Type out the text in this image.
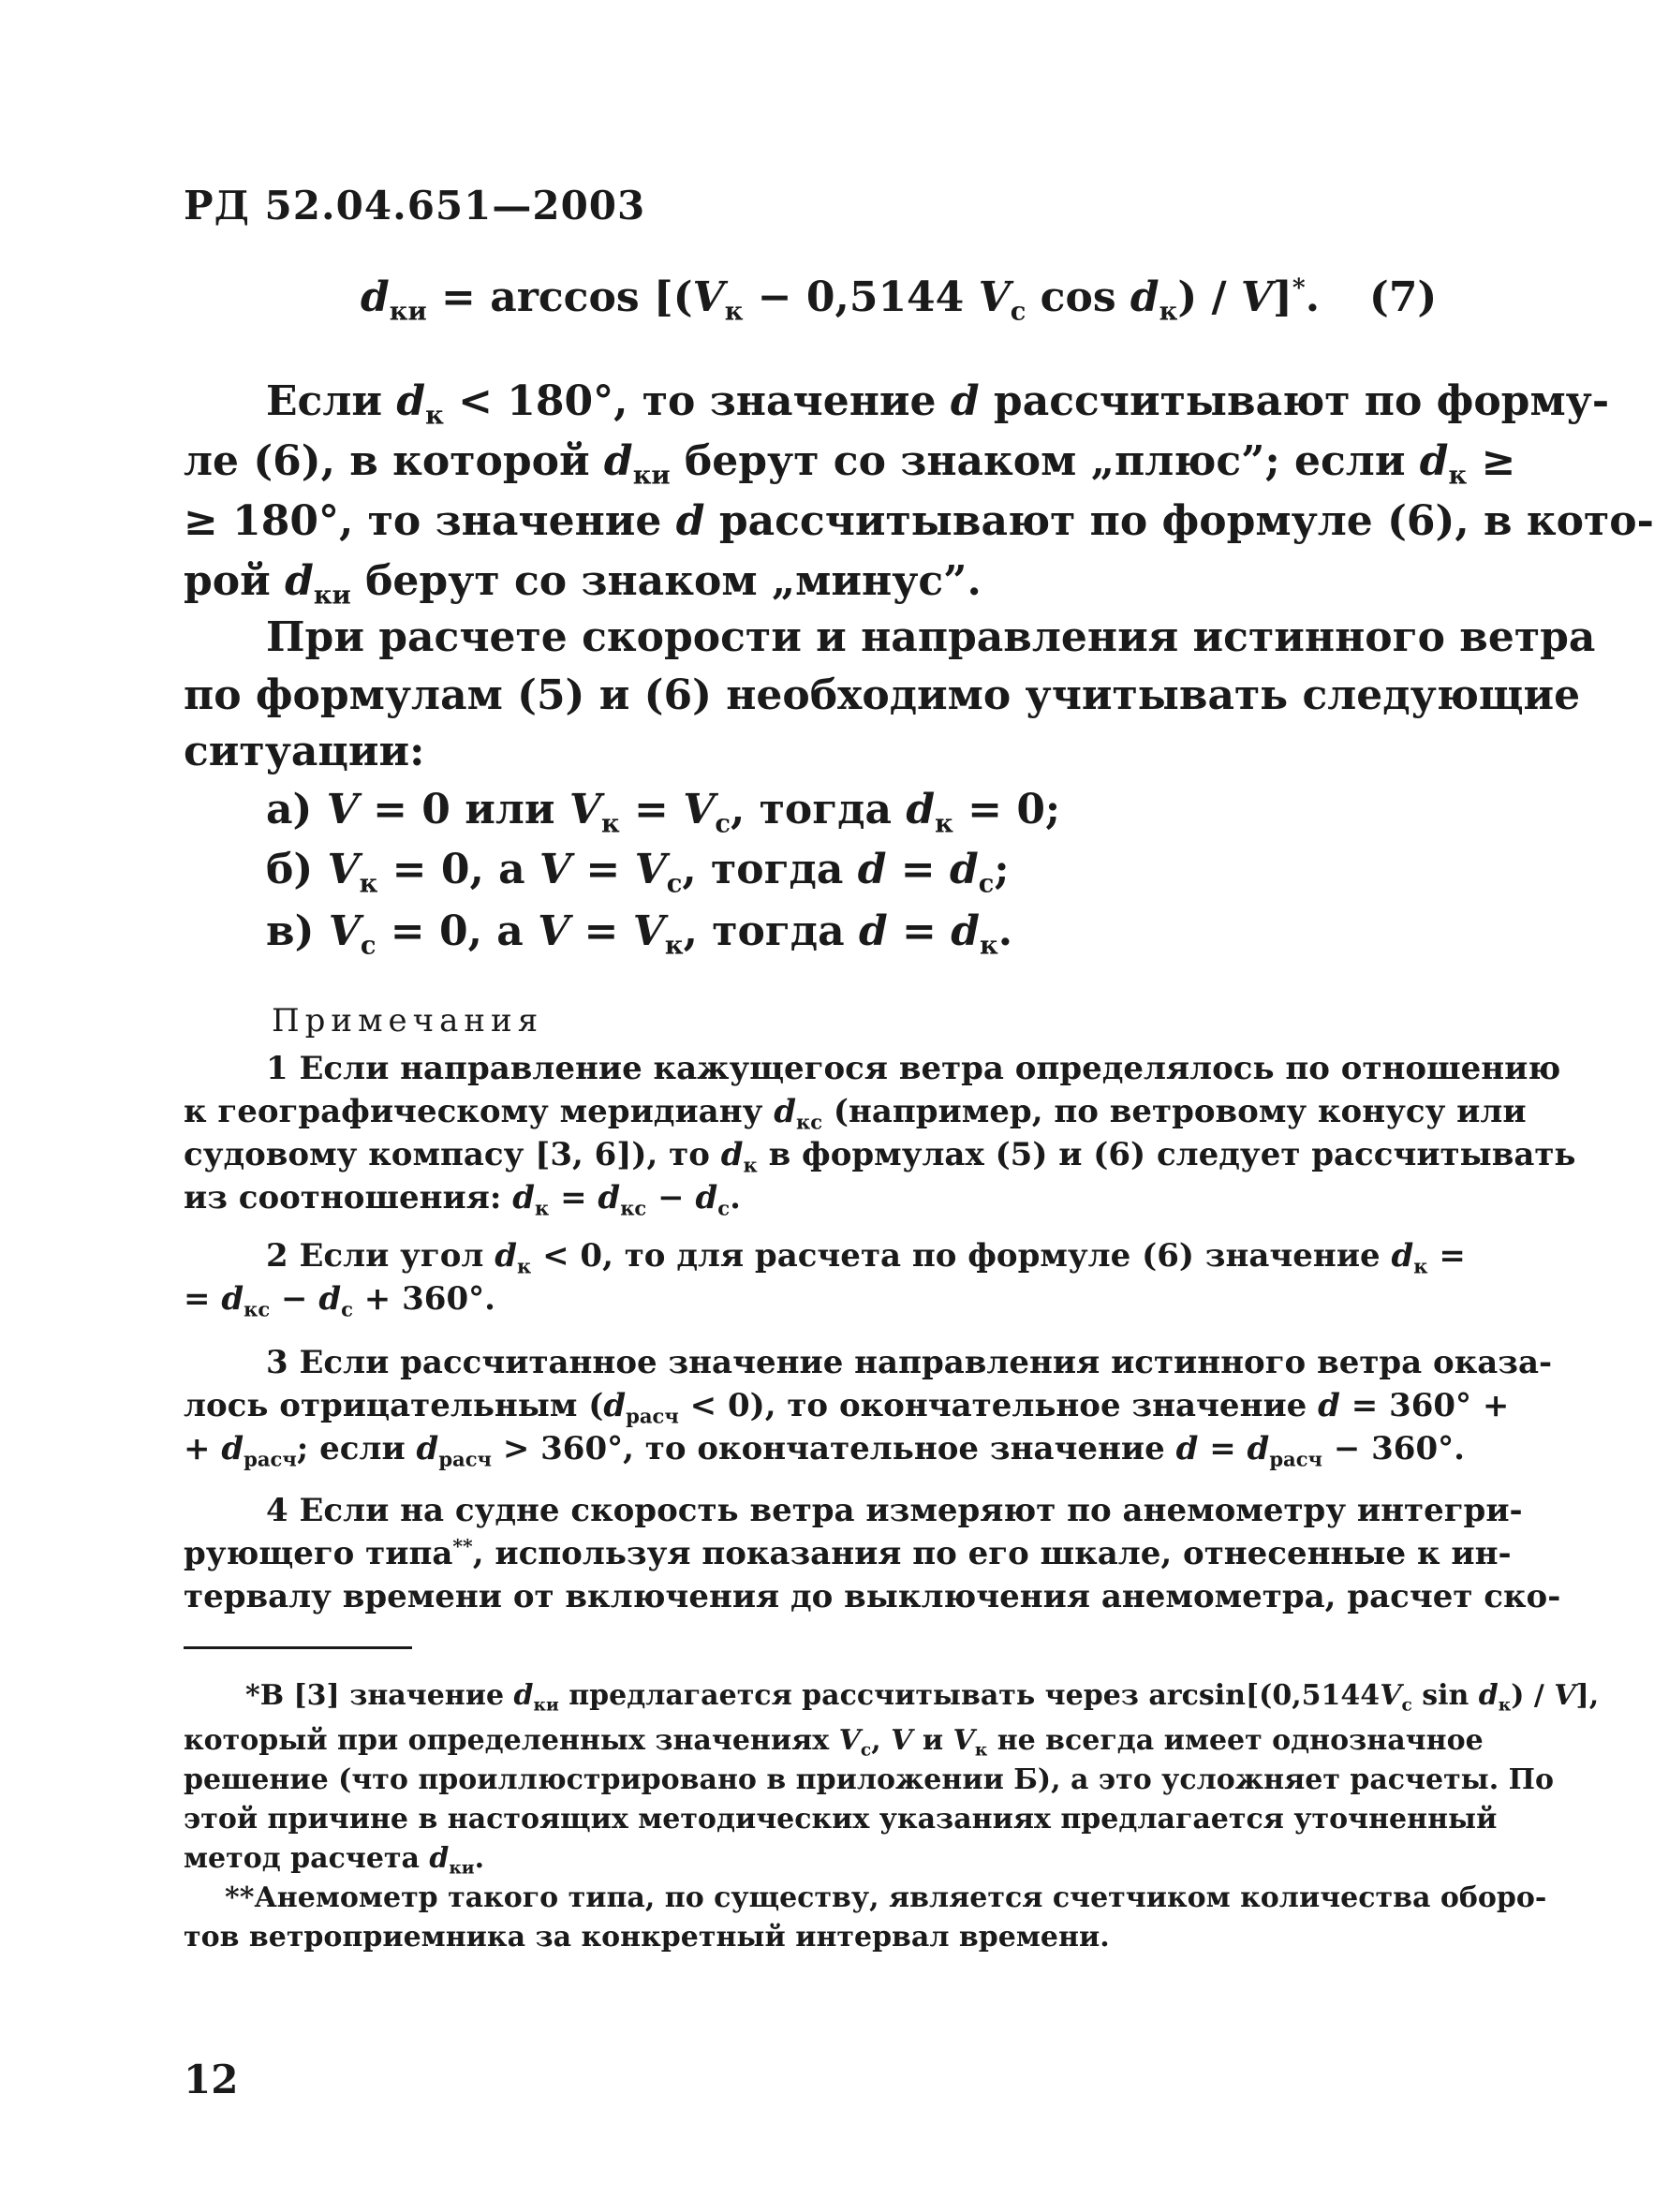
РД 52.04.651—2003
$d_{ки} = \arccos [(V_к - 0,5144$ $V_с$ $\cos d_к) / V]^*$. (7)
Если $d_к < 180^\circ$, то значение d рассчитывают по форму-
ле (6), в которой $d_{ки}$ берут со знаком „плюс”; если $d_к$ ≥
≥ 180°, то значение d рассчитывают по формуле (6), в кото-
рой $d_{ки}$ берут со знаком „минус”.
При расчете скорости и направления истинного ветра
по формулам (5) и (6) необходимо учитывать следующие
ситуации:
а) V = 0 или $V_к = V_с$, тогда $d_к = 0$;
б) $V_к = 0$, а $V = V_с$, тогда $d = d_с$;
в) $V_с = 0$, а $V = V_к$, тогда $d = d_к$.
Примечания
1 Если направление кажущегося ветра определялось по отношению
к географическому меридиану $d_{кс}$ (например, по ветровому конусу или
судовому компасу [3, 6]), то $d_к$ в формулах (5) и (6) следует рассчитывать
из соотношения: $d_к = d_{кс} - d_с$.
2 Если угол $d_к < 0$, то для расчета по формуле (6) значение $d_к$ =
= $d_{кс} - d_с + 360^\circ$.
3 Если рассчитанное значение направления истинного ветра оказа-
лось отрицательным $(d_{расч} < 0)$, то окончательное значение d = 360° +
+ $d_{расч}$; если $d_{расч} > 360^\circ$, то окончательное значение $d = d_{расч} - 360^\circ$.
4 Если на судне скорость ветра измеряют по анемометру интегри-
рующего типа**, используя показания по его шкале, отнесенные к ин-
тервалу времени от включения до выключения анемометра, расчет ско-
*В [3] значение $d_{ки}$ предлагается рассчитывать через $\arcsin[(0,5144V_с$ $\sin d_к) / V$],
который при определенных значениях $V_с$, V и $V_к$ не всегда имеет однозначное
решение (что проиллюстрировано в приложении Б), а это усложняет расчеты. По
этой причине в настоящих методических указаниях предлагается уточненный
метод расчета $d_{ки}$.
**Анемометр такого типа, по существу, является счетчиком количества оборо-
тов ветроприемника за конкретный интервал времени.
12
